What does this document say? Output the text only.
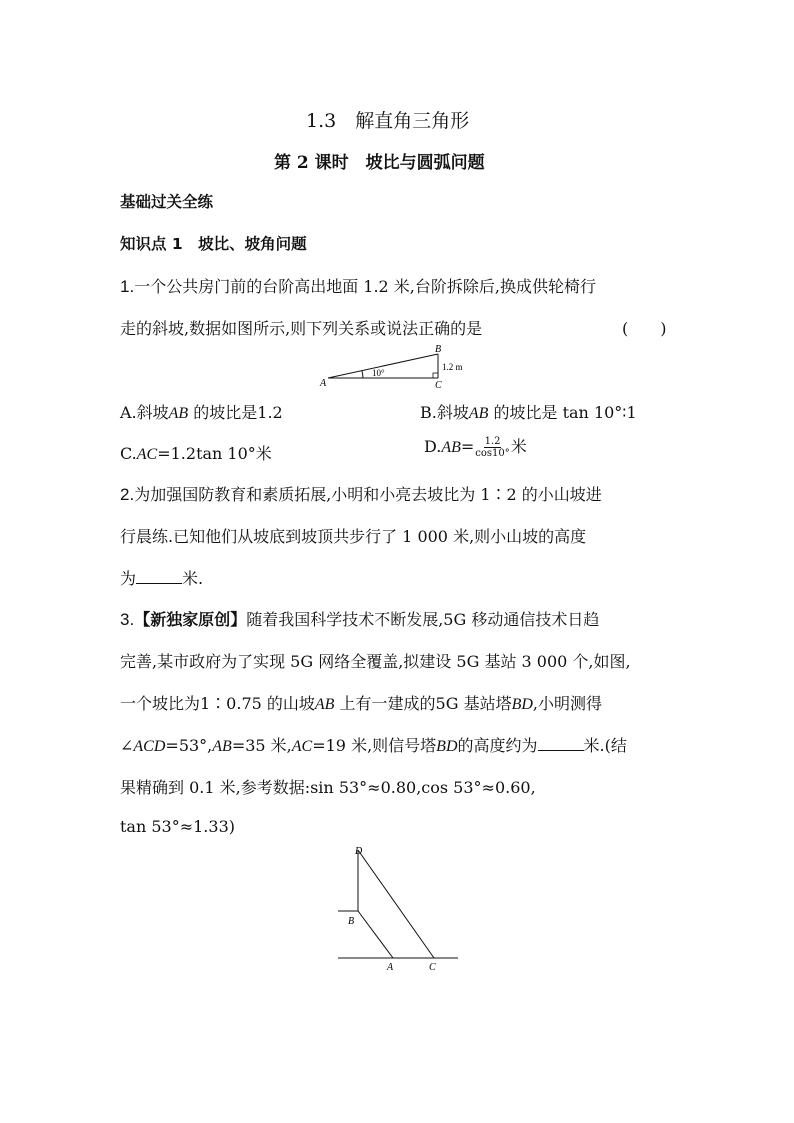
1.3　解直角三角形
第 2 课时　坡比与圆弧问题
基础过关全练
知识点 1　坡比、坡角问题
1.一个公共房门前的台阶高出地面 1.2 米,台阶拆除后,换成供轮椅行
走的斜坡,数据如图所示,则下列关系或说法正确的是	(　　)
A
B
C
10°
1.2 m
A.斜坡AB 的坡比是1.2	B.斜坡AB 的坡比是 tan 10°∶1
C.AC=1.2tan 10°米	$D.AB= \frac{1.2}{\cos 10^\circ}$ 米
2.为加强国防教育和素质拓展,小明和小亮去坡比为 1∶2 的小山坡进
行晨练.已知他们从坡底到坡顶共步行了 1 000 米,则小山坡的高度
为	米.
3.【新独家原创】随着我国科学技术不断发展,5G 移动通信技术日趋
完善,某市政府为了实现 5G 网络全覆盖,拟建设 5G 基站 3 000 个,如图,
一个坡比为1∶0.75 的山坡AB 上有一建成的5G 基站塔BD,小明测得
∠ACD=53°,AB=35 米,AC=19 米,则信号塔BD的高度约为	米.(结
果精确到 0.1 米,参考数据:sin 53°≈0.80,cos 53°≈0.60,
tan 53°≈1.33)
D
B
A	C
